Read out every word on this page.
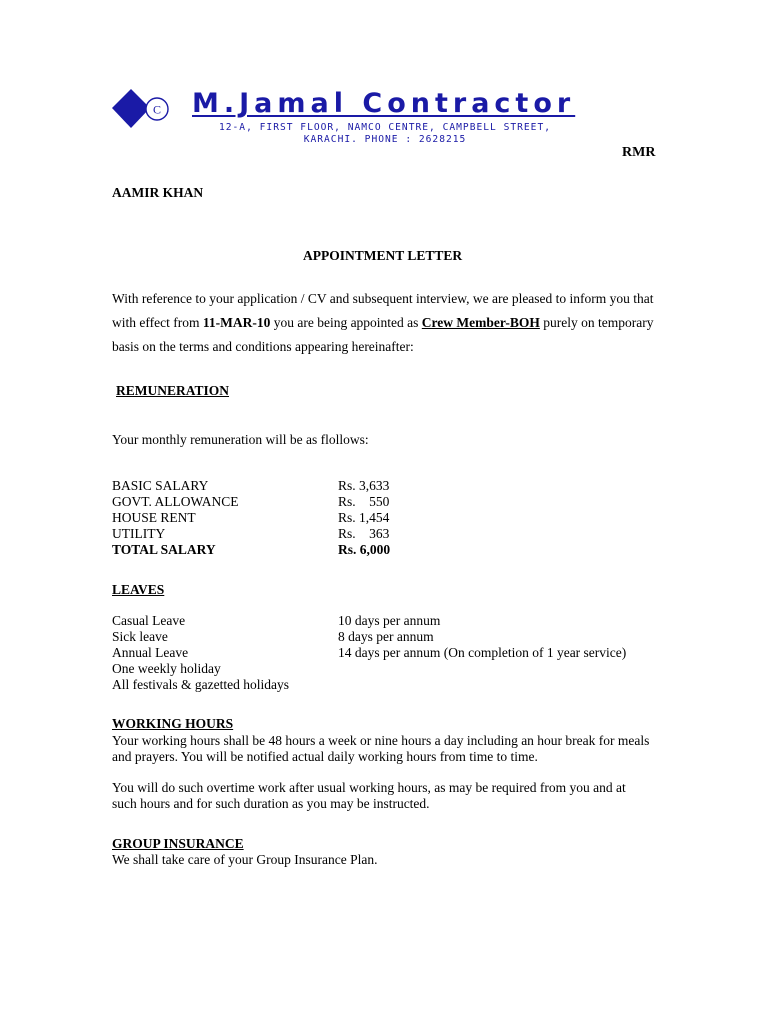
C M.Jamal Contractor
12-A, FIRST FLOOR, NAMCO CENTRE, CAMPBELL STREET,
KARACHI. PHONE : 2628215
RMR
AAMIR KHAN
APPOINTMENT LETTER
With reference to your application / CV and subsequent interview, we are pleased to inform you that with effect from 11-MAR-10 you are being appointed as Crew Member-BOH purely on temporary basis on the terms and conditions appearing hereinafter:
REMUNERATION
Your monthly remuneration will be as flollows:
BASIC SALARY	Rs. 3,633
GOVT. ALLOWANCE	Rs.    550
HOUSE RENT	Rs. 1,454
UTILITY	Rs.    363
TOTAL SALARY	Rs. 6,000
LEAVES
Casual Leave	10 days per annum
Sick leave	8 days per annum
Annual Leave	14 days per annum (On completion of 1 year service)
One weekly holiday
All festivals & gazetted holidays
WORKING HOURS
Your working hours shall be 48 hours a week or nine hours a day including an hour break for meals and prayers. You will be notified actual daily working hours from time to time.
You will do such overtime work after usual working hours, as may be required from you and at such hours and for such duration as you may be instructed.
GROUP INSURANCE
We shall take care of your Group Insurance Plan.
